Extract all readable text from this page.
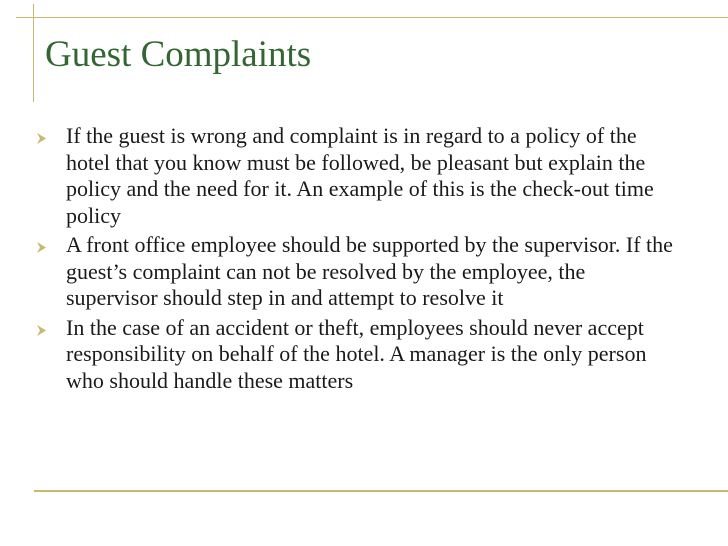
Guest Complaints
If the guest is wrong and complaint is in regard to a policy of the hotel that you know must be followed, be pleasant but explain the policy and the need for it. An example of this is the check-out time policy
A front office employee should be supported by the supervisor. If the guest’s complaint can not be resolved by the employee, the supervisor should step in and attempt to resolve it
In the case of an accident or theft, employees should never accept responsibility on behalf of the hotel. A manager is the only person who should handle these matters
